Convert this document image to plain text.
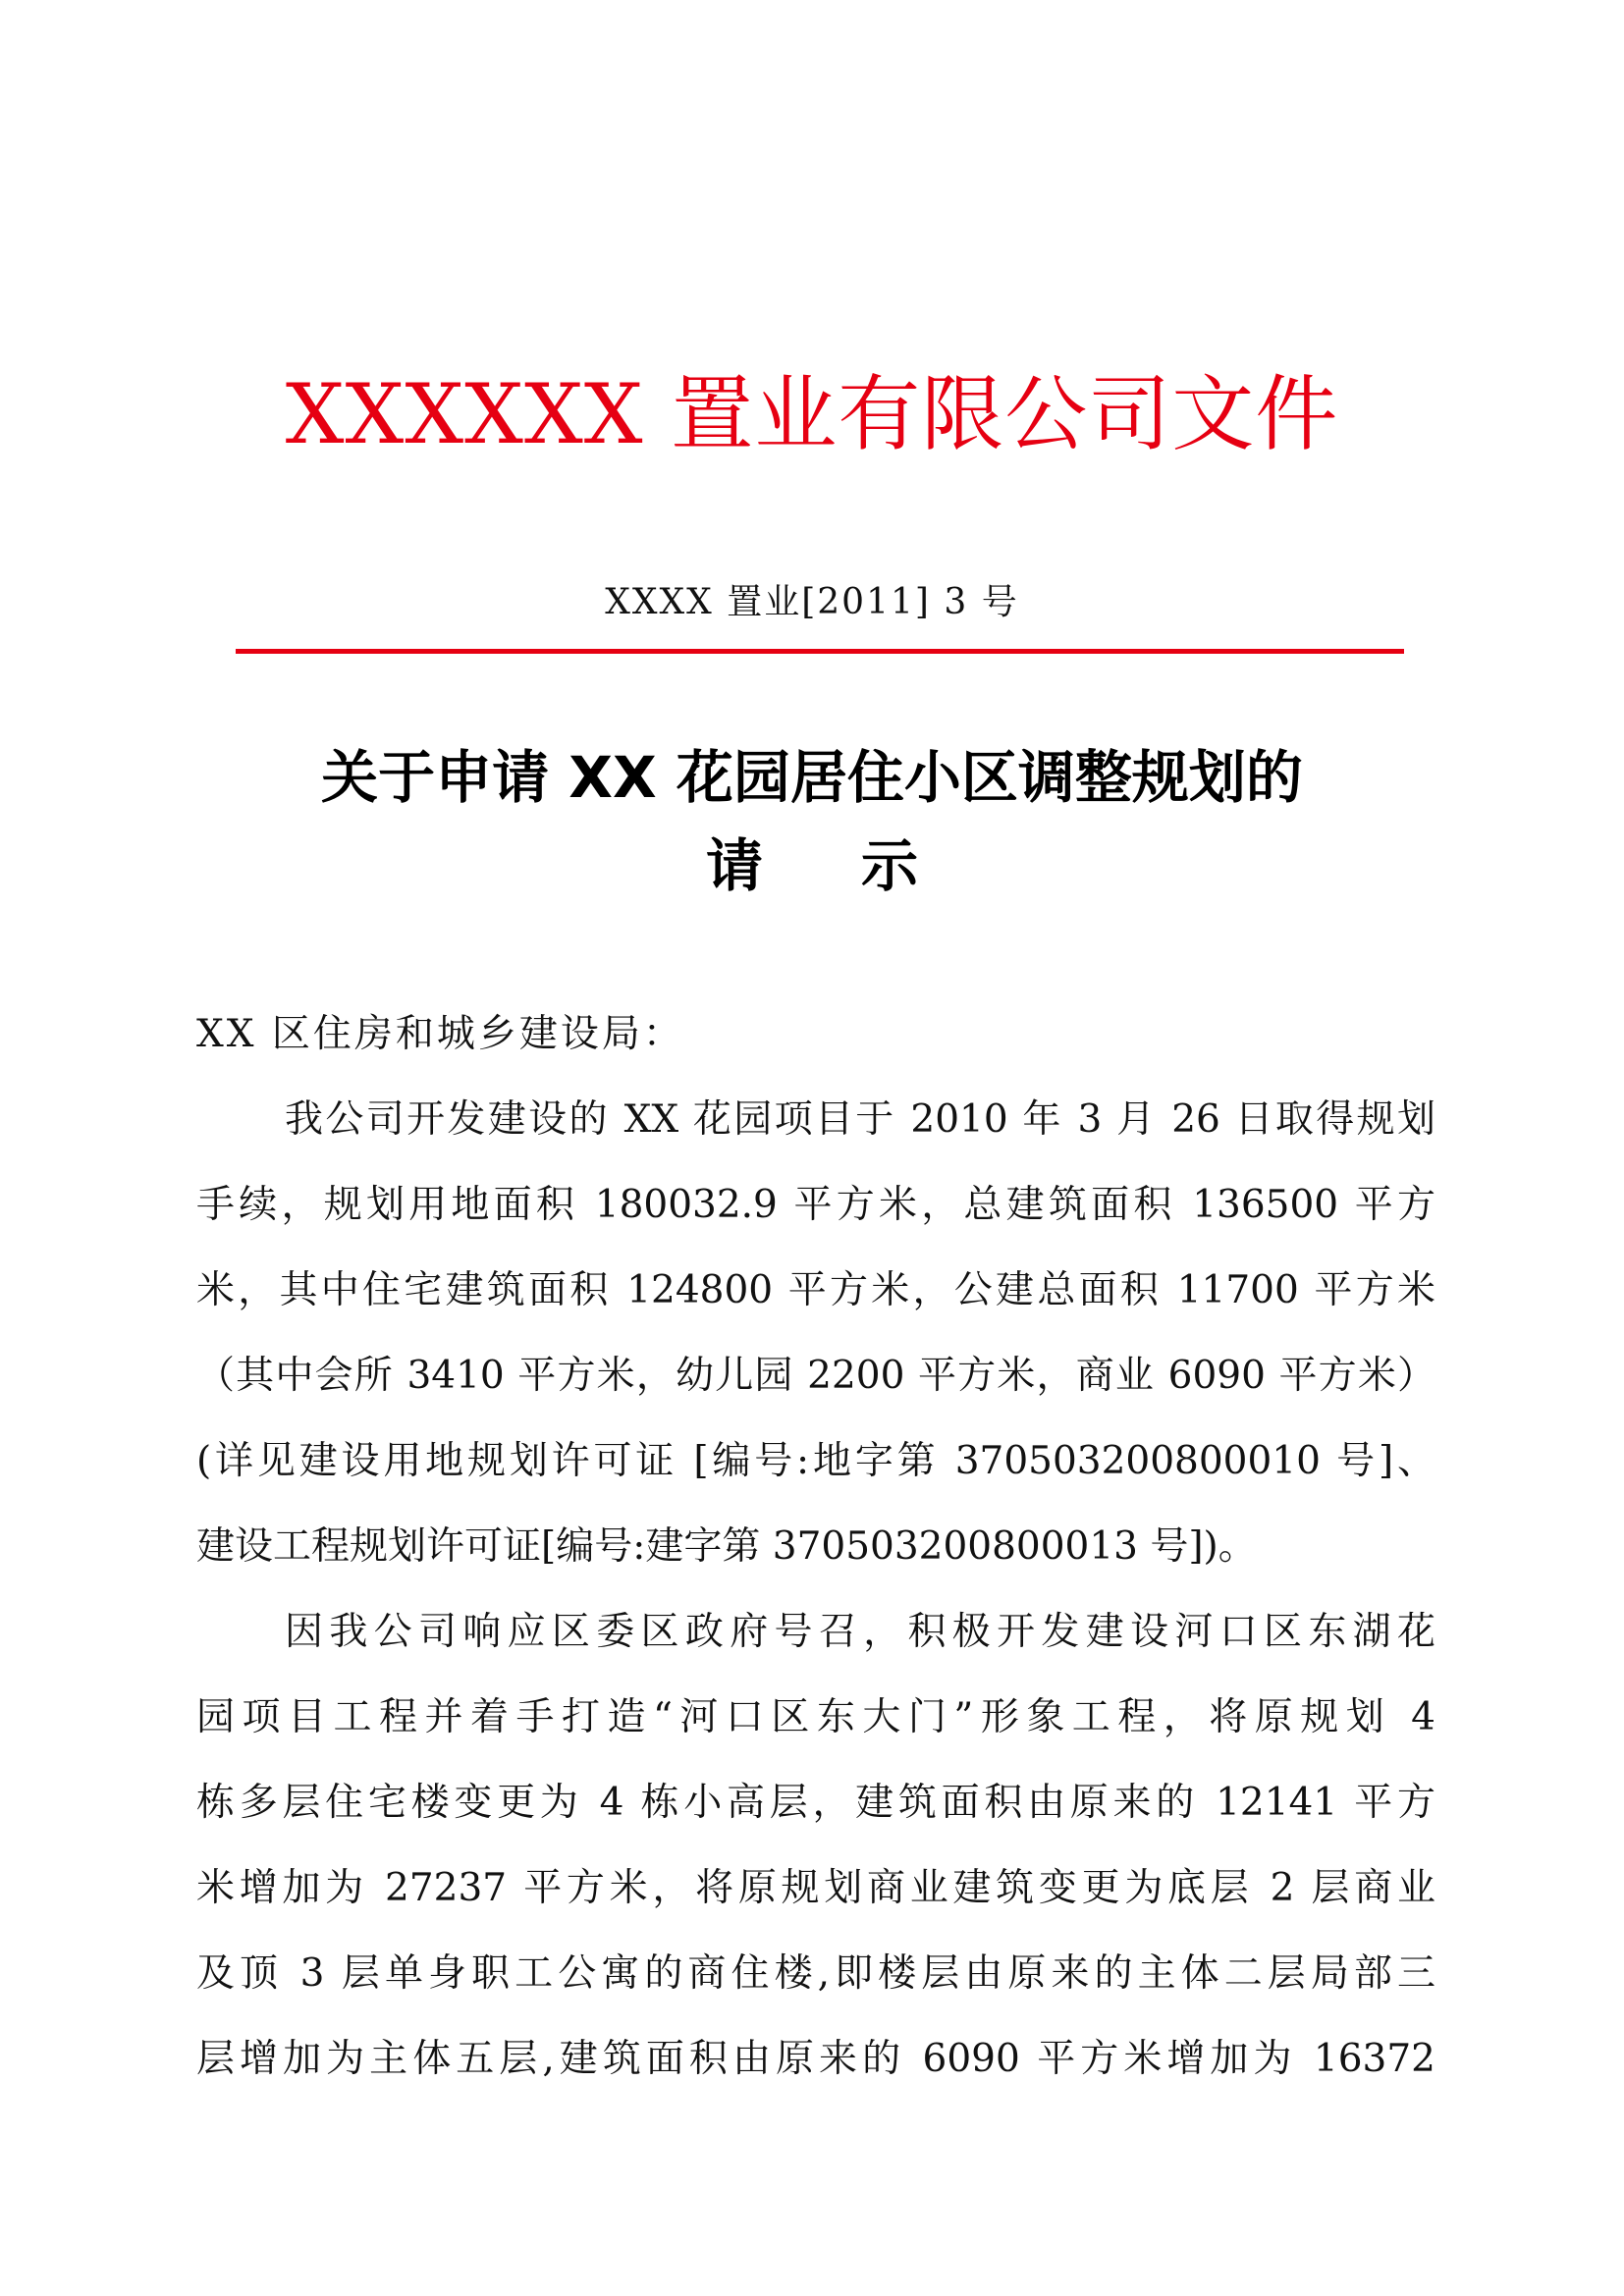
XXXXXX 置业有限公司文件
XXXX 置业[2011] 3 号
关于申请 XX 花园居住小区调整规划的
请示
XX 区住房和城乡建设局：
我公司开发建设的 XX 花园项目于 2010 年 3 月 26 日取得规划
手续，规划用地面积 180032.9 平方米，总建筑面积 136500 平方
米，其中住宅建筑面积 124800 平方米，公建总面积 11700 平方米
（其中会所 3410 平方米，幼儿园 2200 平方米，商业 6090 平方米）
(详见建设用地规划许可证 [编号:地字第 370503200800010 号]、
建设工程规划许可证[编号:建字第 370503200800013 号])。
因我公司响应区委区政府号召，积极开发建设河口区东湖花
园项目工程并着手打造“河口区东大门”形象工程，将原规划 4
栋多层住宅楼变更为 4 栋小高层，建筑面积由原来的 12141 平方
米增加为 27237 平方米，将原规划商业建筑变更为底层 2 层商业
及顶 3 层单身职工公寓的商住楼,即楼层由原来的主体二层局部三
层增加为主体五层,建筑面积由原来的 6090 平方米增加为 16372
